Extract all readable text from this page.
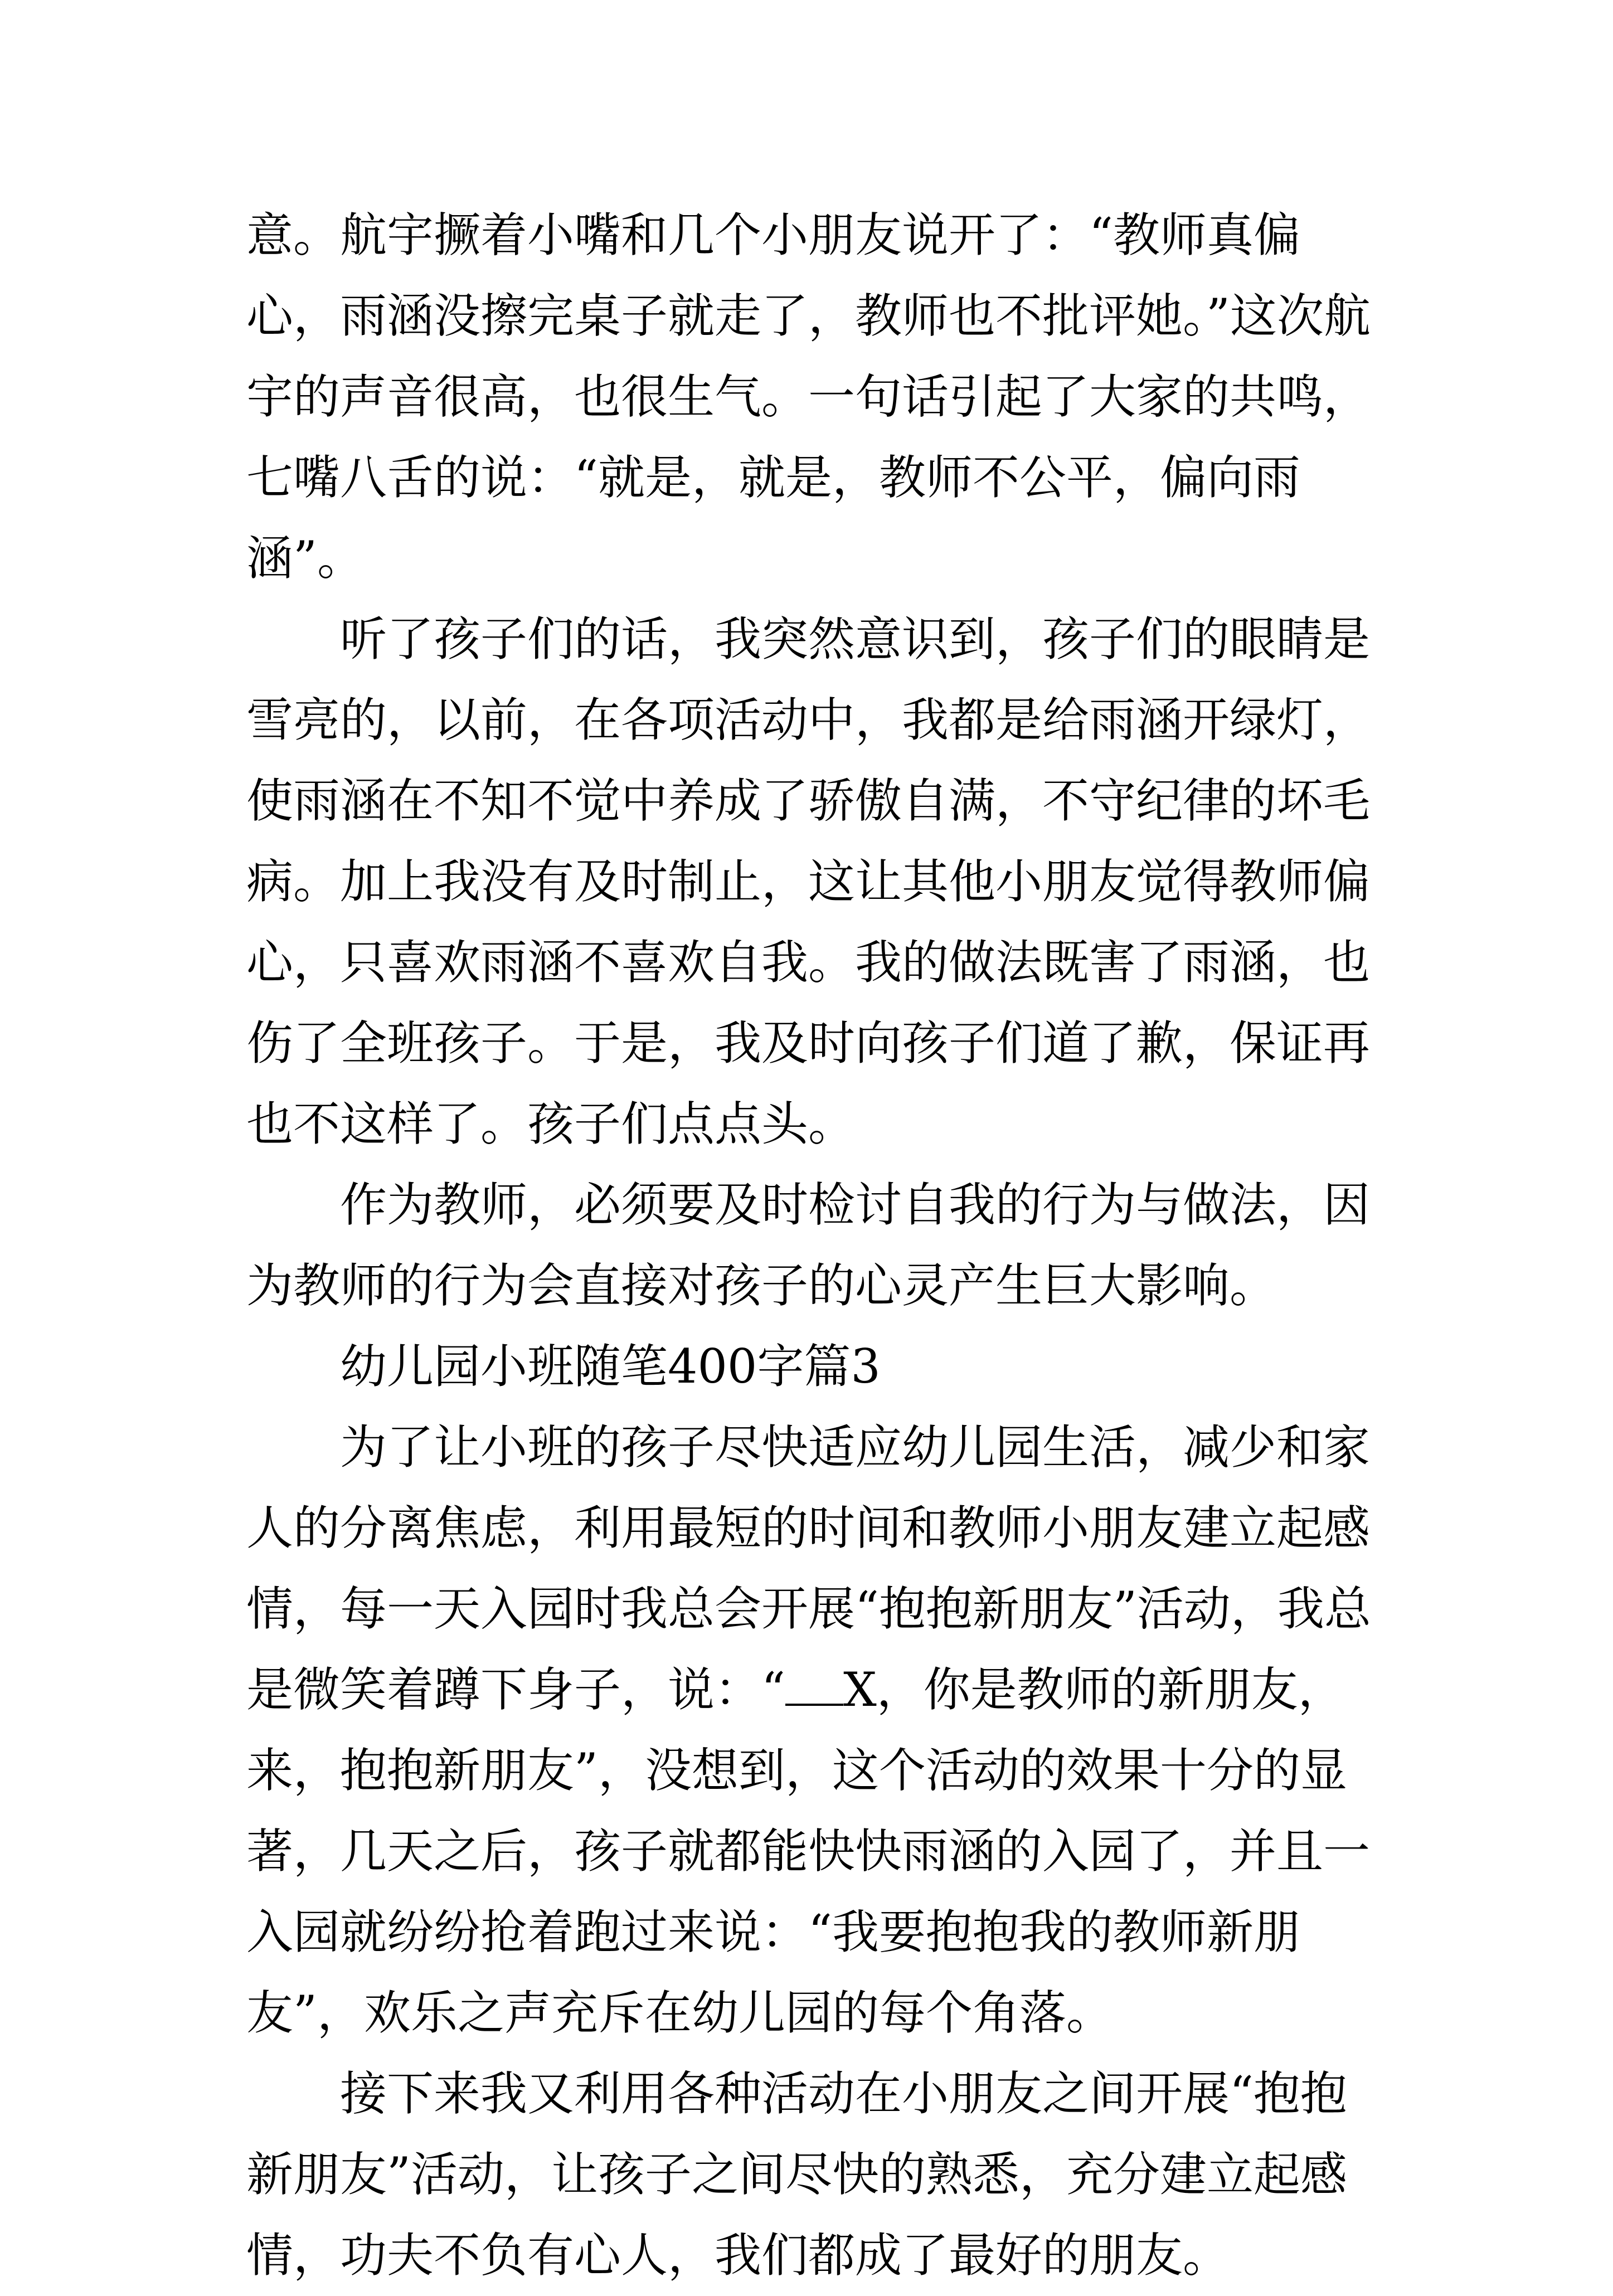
意。航宇撅着小嘴和几个小朋友说开了：“教师真偏心，雨涵没擦完桌子就走了，教师也不批评她。”这次航宇的声音很高，也很生气。一句话引起了大家的共鸣，七嘴八舌的说：“就是，就是，教师不公平，偏向雨涵”。

听了孩子们的话，我突然意识到，孩子们的眼睛是雪亮的，以前，在各项活动中，我都是给雨涵开绿灯，使雨涵在不知不觉中养成了骄傲自满，不守纪律的坏毛病。加上我没有及时制止，这让其他小朋友觉得教师偏心，只喜欢雨涵不喜欢自我。我的做法既害了雨涵，也伤了全班孩子。于是，我及时向孩子们道了歉，保证再也不这样了。孩子们点点头。

作为教师，必须要及时检讨自我的行为与做法，因为教师的行为会直接对孩子的心灵产生巨大影响。

幼儿园小班随笔400字篇3

为了让小班的孩子尽快适应幼儿园生活，减少和家人的分离焦虑，利用最短的时间和教师小朋友建立起感情，每一天入园时我总会开展“抱抱新朋友”活动，我总是微笑着蹲下身子，说：“ X，你是教师的新朋友，来，抱抱新朋友”，没想到，这个活动的效果十分的显著，几天之后，孩子就都能快快雨涵的入园了，并且一入园就纷纷抢着跑过来说：“我要抱抱我的教师新朋友”，欢乐之声充斥在幼儿园的每个角落。

接下来我又利用各种活动在小朋友之间开展“抱抱新朋友”活动，让孩子之间尽快的熟悉，充分建立起感情，功夫不负有心人，我们都成了最好的朋友。
